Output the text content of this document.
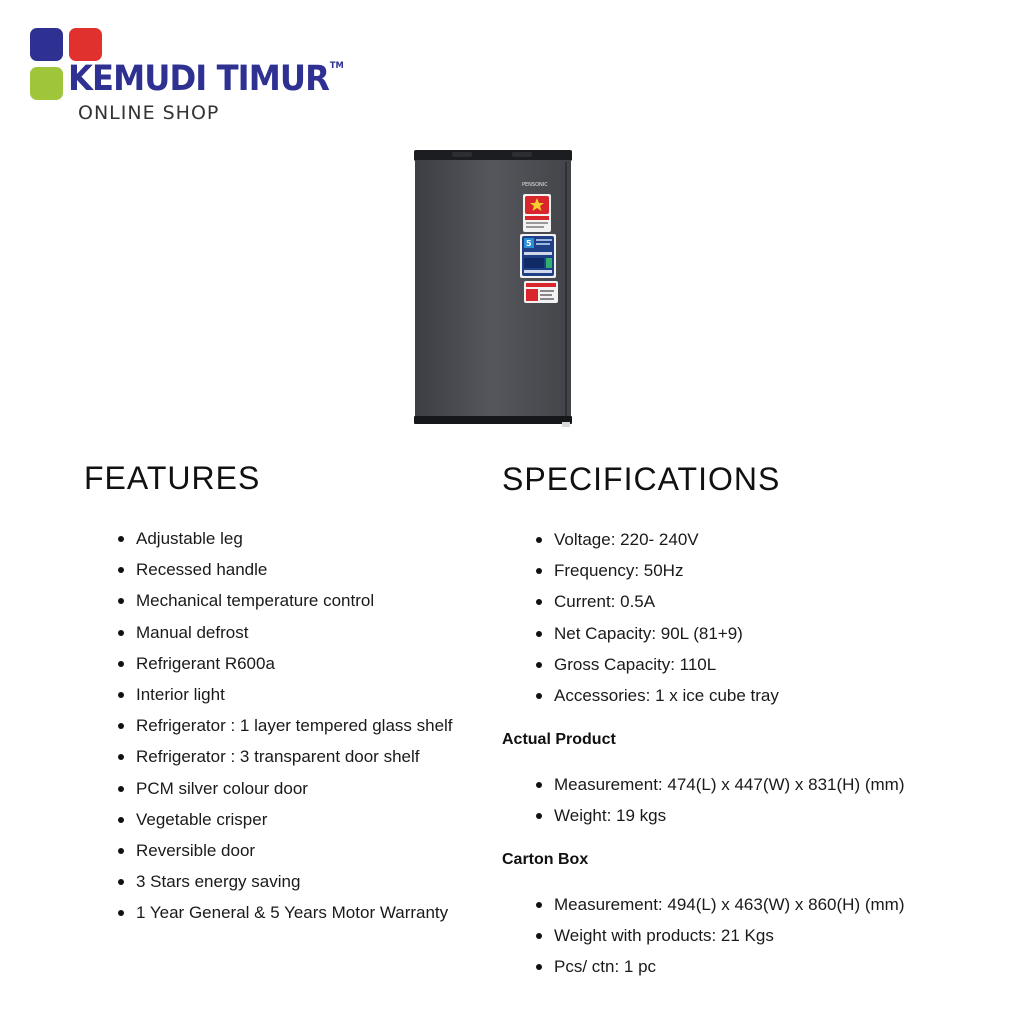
KEMUDI TIMUR™
ONLINE SHOP
PENSONIC
5
FEATURES
Adjustable leg
Recessed handle
Mechanical temperature control
Manual defrost
Refrigerant R600a
Interior light
Refrigerator : 1 layer tempered glass shelf
Refrigerator : 3 transparent door shelf
PCM silver colour door
Vegetable crisper
Reversible door
3 Stars energy saving
1 Year General & 5 Years Motor Warranty
SPECIFICATIONS
Voltage: 220- 240V
Frequency: 50Hz
Current: 0.5A
Net Capacity: 90L (81+9)
Gross Capacity: 110L
Accessories: 1 x ice cube tray
Actual Product
Measurement: 474(L) x 447(W) x 831(H) (mm)
Weight: 19 kgs
Carton Box
Measurement: 494(L) x 463(W) x 860(H) (mm)
Weight with products: 21 Kgs
Pcs/ ctn: 1 pc
